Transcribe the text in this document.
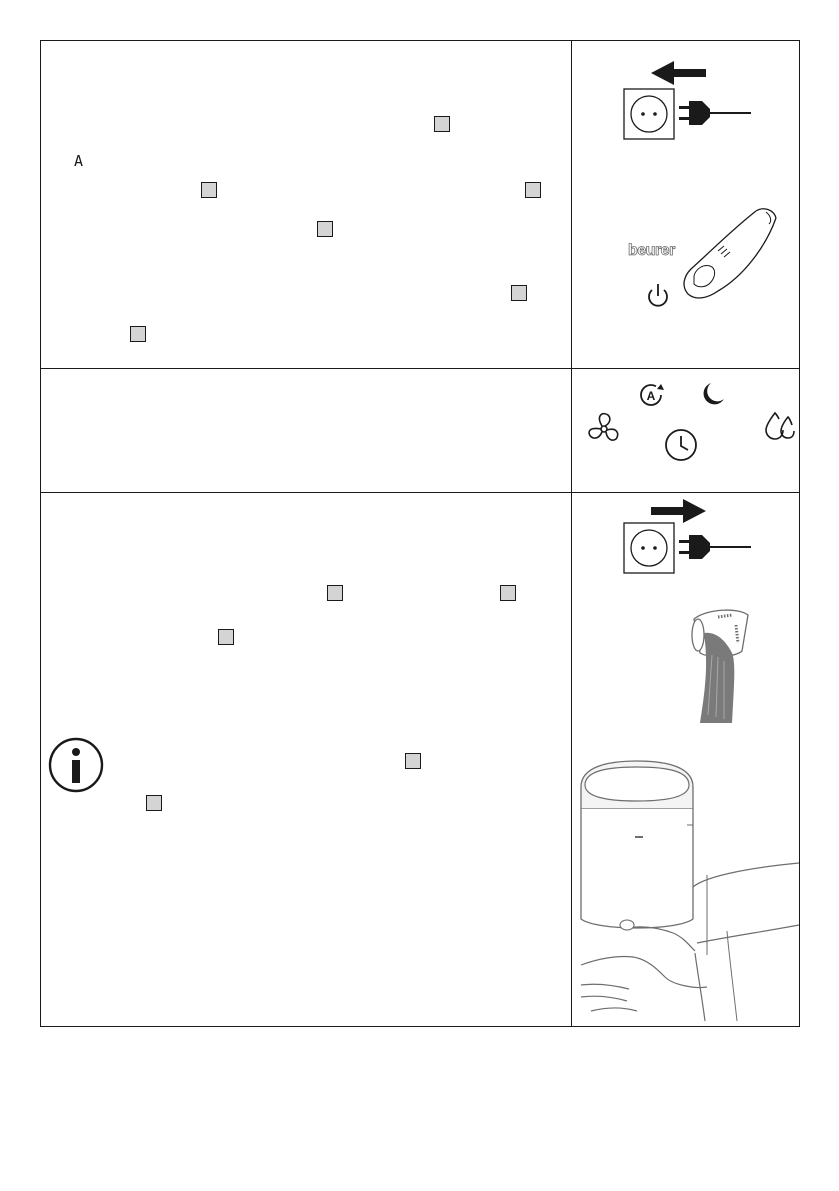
A
beurer
A
